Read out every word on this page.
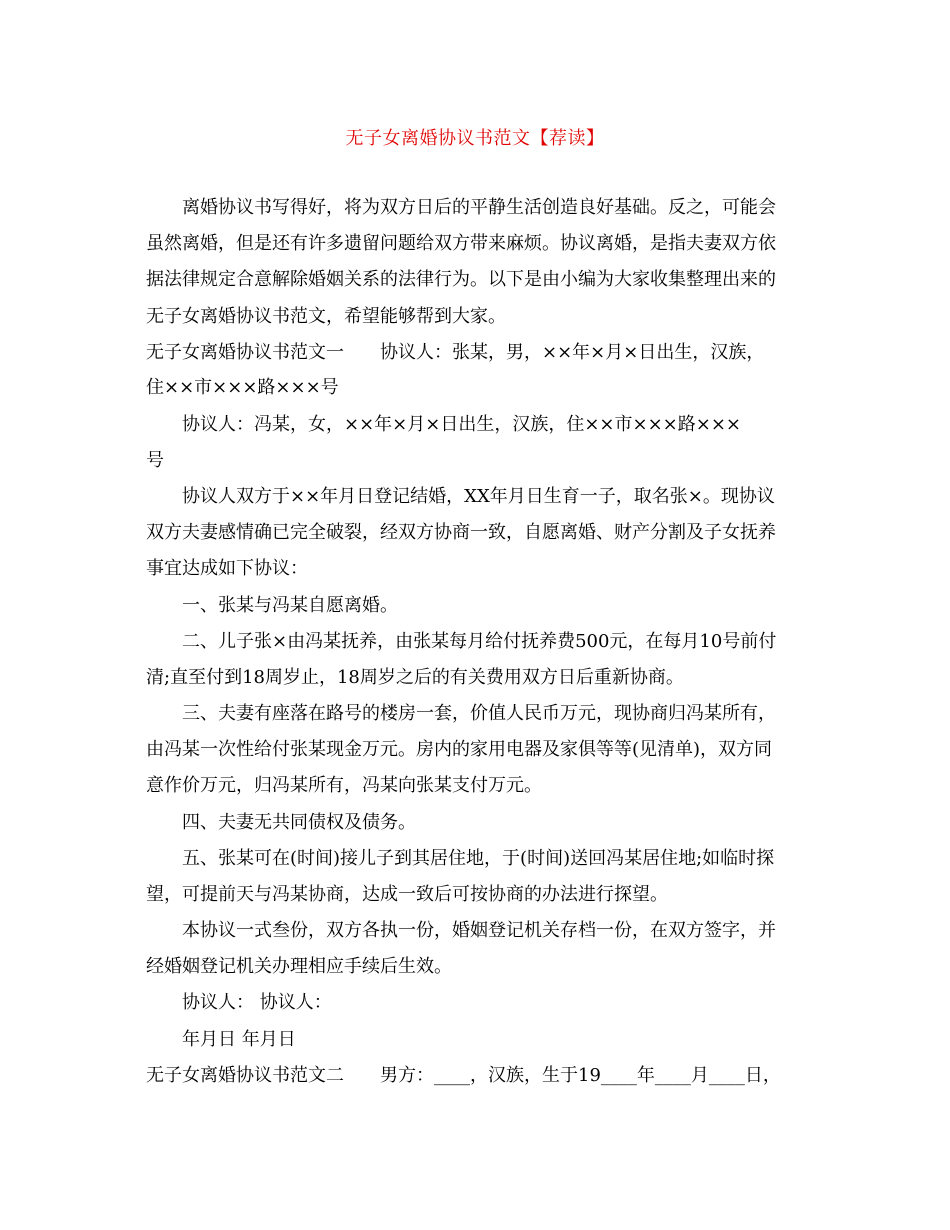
无子女离婚协议书范文【荐读】
离婚协议书写得好，将为双方日后的平静生活创造良好基础。反之，可能会
虽然离婚，但是还有许多遗留问题给双方带来麻烦。协议离婚，是指夫妻双方依
据法律规定合意解除婚姻关系的法律行为。以下是由小编为大家收集整理出来的
无子女离婚协议书范文，希望能够帮到大家。
无子女离婚协议书范文一　　协议人：张某，男，××年×月×日出生，汉族，
住××市×××路×××号
协议人：冯某，女，××年×月×日出生，汉族，住××市×××路×××
号
协议人双方于××年月日登记结婚，XX年月日生育一子，取名张×。现协议
双方夫妻感情确已完全破裂，经双方协商一致，自愿离婚、财产分割及子女抚养
事宜达成如下协议：
一、张某与冯某自愿离婚。
二、儿子张×由冯某抚养，由张某每月给付抚养费500元，在每月10号前付
清;直至付到18周岁止，18周岁之后的有关费用双方日后重新协商。
三、夫妻有座落在路号的楼房一套，价值人民币万元，现协商归冯某所有，
由冯某一次性给付张某现金万元。房内的家用电器及家俱等等(见清单)，双方同
意作价万元，归冯某所有，冯某向张某支付万元。
四、夫妻无共同债权及债务。
五、张某可在(时间)接儿子到其居住地，于(时间)送回冯某居住地;如临时探
望，可提前天与冯某协商，达成一致后可按协商的办法进行探望。
本协议一式叁份，双方各执一份，婚姻登记机关存档一份，在双方签字，并
经婚姻登记机关办理相应手续后生效。
协议人： 协议人：
年月日 年月日
无子女离婚协议书范文二　　男方：____，汉族，生于19____年____月____日，
